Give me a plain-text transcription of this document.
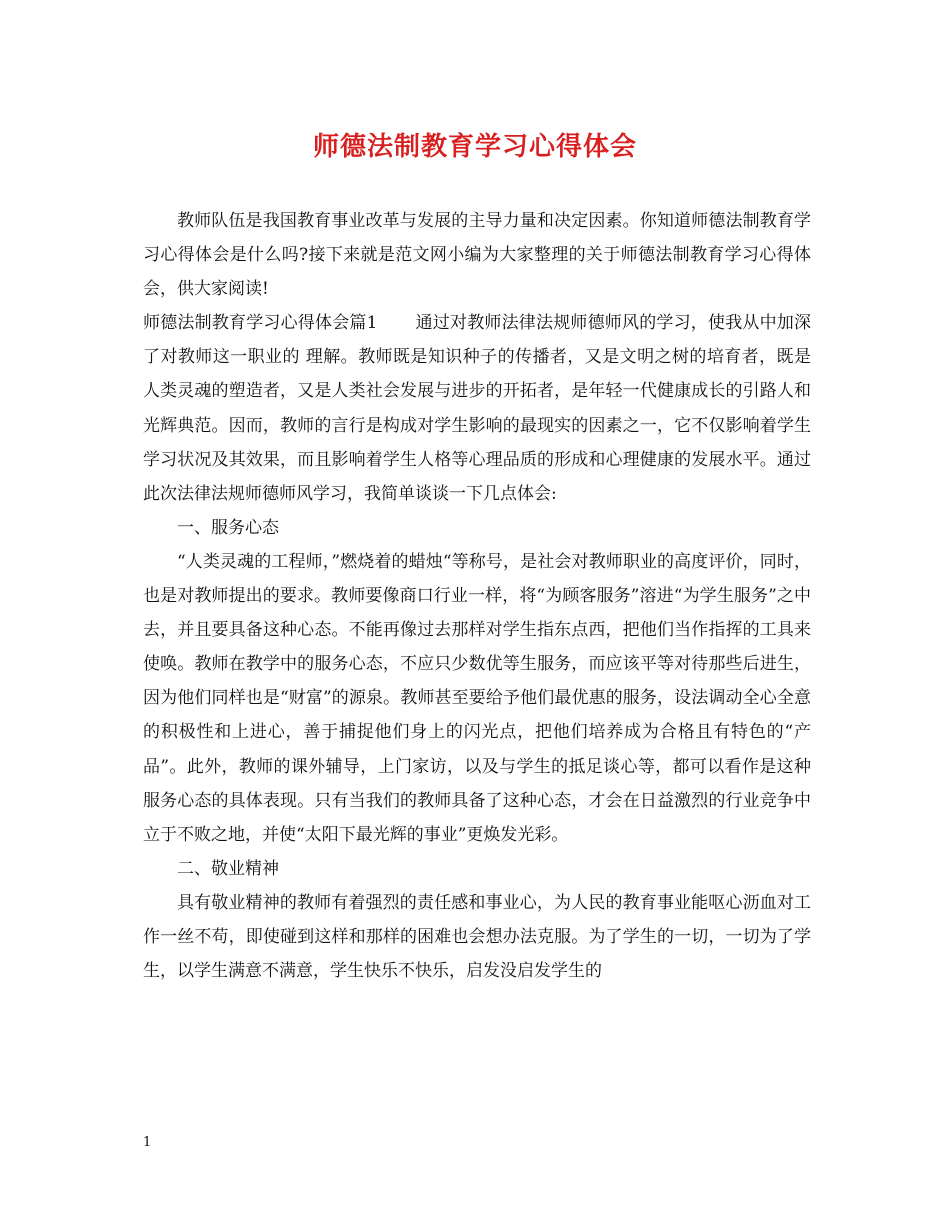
师德法制教育学习心得体会

教师队伍是我国教育事业改革与发展的主导力量和决定因素。你知道师德法制教育学习心得体会是什么吗?接下来就是范文网小编为大家整理的关于师德法制教育学习心得体会，供大家阅读!

师德法制教育学习心得体会篇1 通过对教师法律法规师德师风的学习，使我从中加深了对教师这一职业的 理解。教师既是知识种子的传播者，又是文明之树的培育者，既是人类灵魂的塑造者，又是人类社会发展与进步的开拓者，是年轻一代健康成长的引路人和光辉典范。因而，教师的言行是构成对学生影响的最现实的因素之一，它不仅影响着学生学习状况及其效果，而且影响着学生人格等心理品质的形成和心理健康的发展水平。通过此次法律法规师德师风学习，我简单谈谈一下几点体会:

一、服务心态

“人类灵魂的工程师，”燃烧着的蜡烛“等称号，是社会对教师职业的高度评价，同时，也是对教师提出的要求。教师要像商口行业一样，将“为顾客服务”溶进“为学生服务”之中去，并且要具备这种心态。不能再像过去那样对学生指东点西，把他们当作指挥的工具来使唤。教师在教学中的服务心态，不应只少数优等生服务，而应该平等对待那些后进生，因为他们同样也是“财富”的源泉。教师甚至要给予他们最优惠的服务，设法调动全心全意的积极性和上进心，善于捕捉他们身上的闪光点，把他们培养成为合格且有特色的“产品”。此外，教师的课外辅导，上门家访，以及与学生的抵足谈心等，都可以看作是这种服务心态的具体表现。只有当我们的教师具备了这种心态，才会在日益激烈的行业竞争中立于不败之地，并使“太阳下最光辉的事业”更焕发光彩。

二、敬业精神

具有敬业精神的教师有着强烈的责任感和事业心，为人民的教育事业能呕心沥血对工作一丝不苟，即使碰到这样和那样的困难也会想办法克服。为了学生的一切，一切为了学生，以学生满意不满意，学生快乐不快乐，启发没启发学生的

1
